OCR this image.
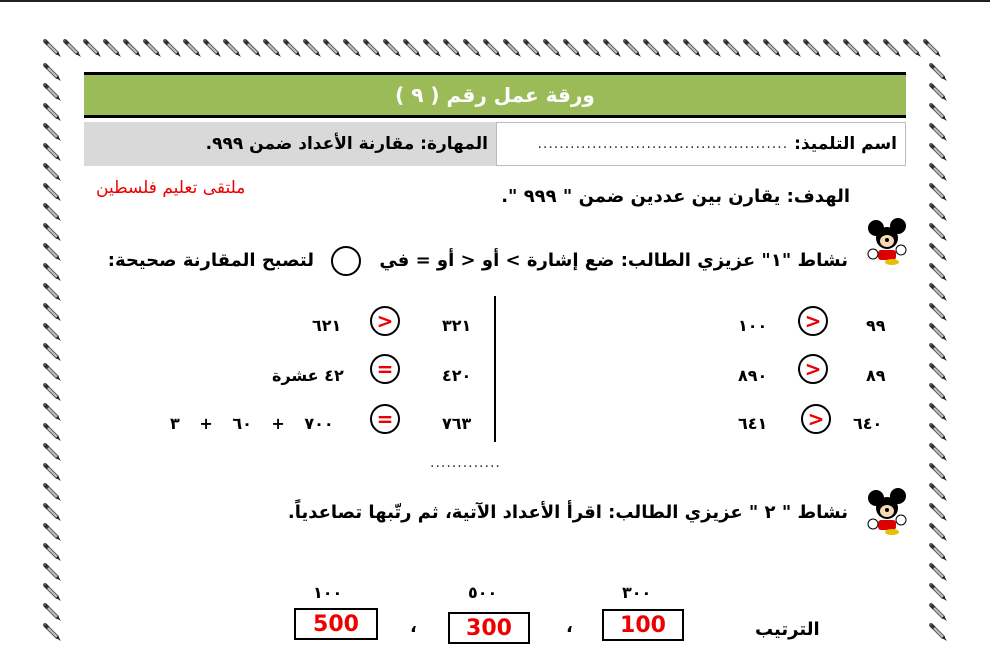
ورقة عمل رقم ( ٩ )
اسم التلميذ:
..............................................
المهارة: مقارنة الأعداد ضمن ٩٩٩.
الهدف: يقارن بين عددين ضمن " ٩٩٩ ".
ملتقى تعليم فلسطين
نشاط "١" عزيزي الطالب: ضع إشارة > أو < أو = في
لتصبح المقارنة صحيحة:
٩٩
>
١٠٠
٨٩
>
٨٩٠
٦٤٠
>
٦٤١
٣٢١
>
٦٢١
٤٢٠
=
٤٢ عشرة
٧٦٣
=
٧٠٠ + ٦٠ + ٣
.............
نشاط " ٢ " عزيزي الطالب: اقرأ الأعداد الآتية، ثم رتّبها تصاعدياً.
٣٠٠
٥٠٠
١٠٠
الترتيب
100
،
300
،
500
